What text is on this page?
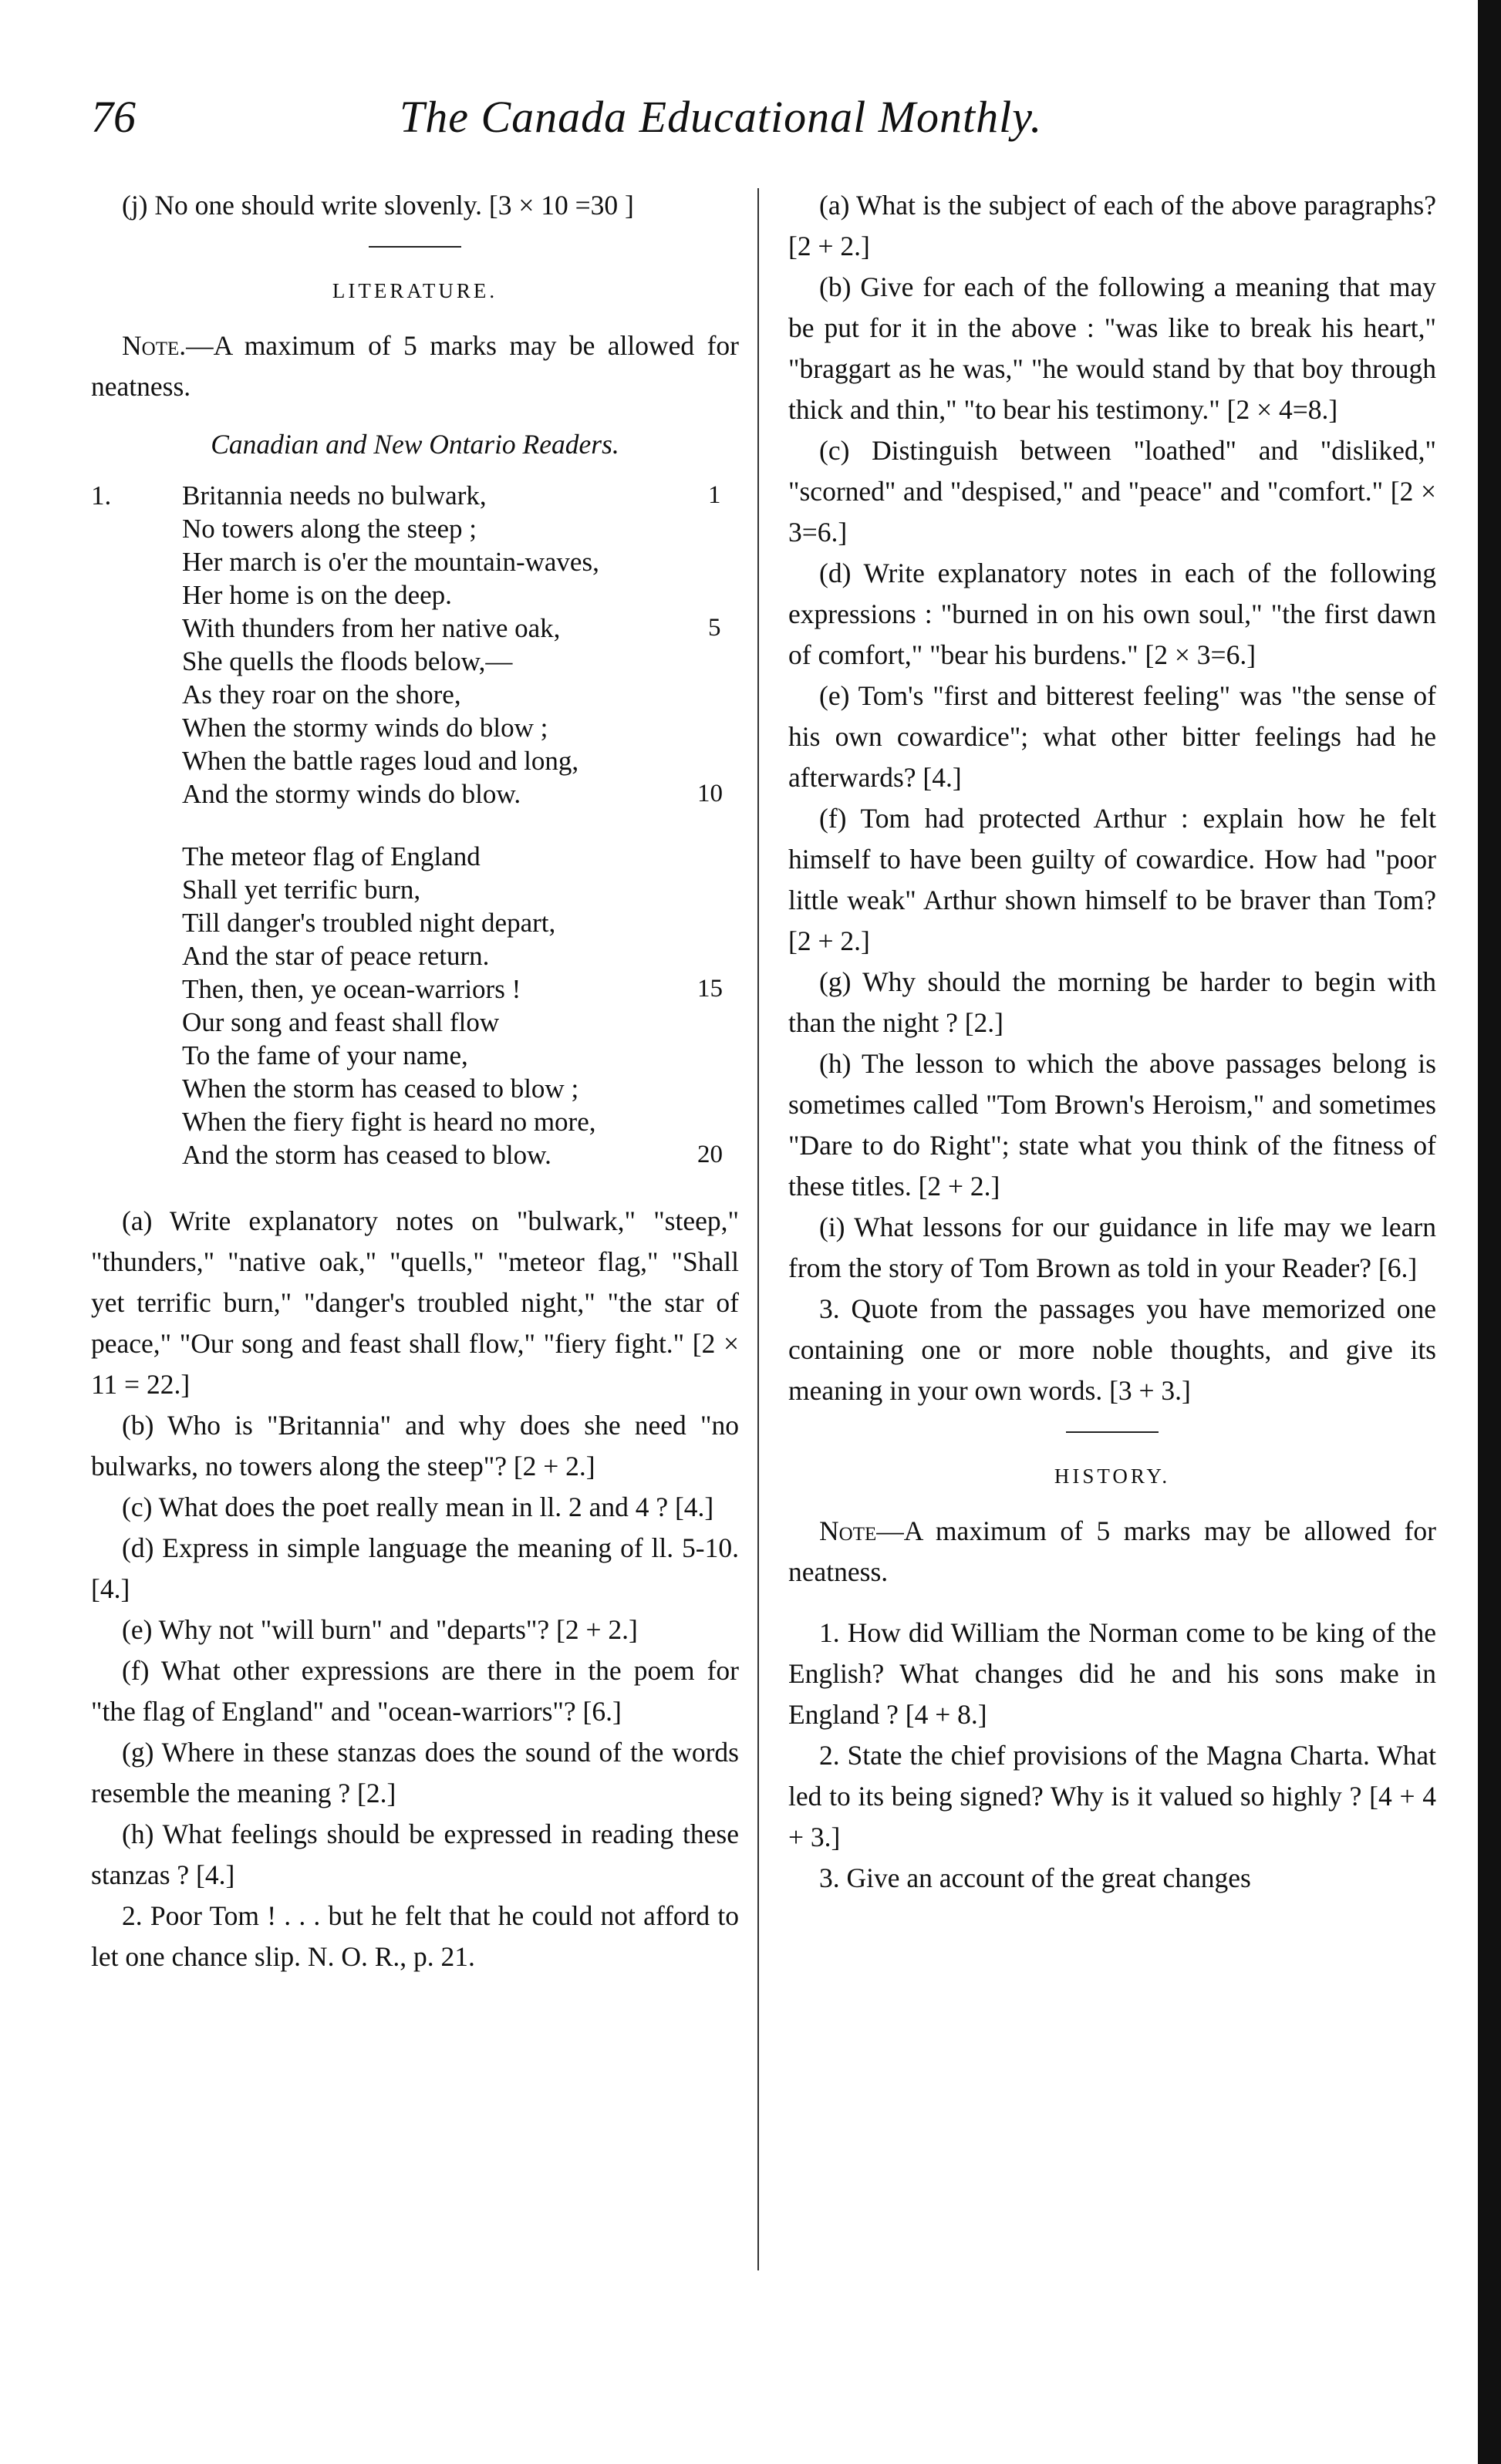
76	The Canada Educational Monthly.

(j) No one should write slovenly. [3 × 10 =30 ]

LITERATURE.

Note.—A maximum of 5 marks may be allowed for neatness.

Canadian and New Ontario Readers.

1.	Britannia needs no bulwark,	1
No towers along the steep ;
Her march is o'er the mountain-waves,
Her home is on the deep.
With thunders from her native oak,	5
She quells the floods below,—
As they roar on the shore,
When the stormy winds do blow ;
When the battle rages loud and long,
And the stormy winds do blow.	10
The meteor flag of England
Shall yet terrific burn,
Till danger's troubled night depart,
And the star of peace return.
Then, then, ye ocean-warriors !	15
Our song and feast shall flow
To the fame of your name,
When the storm has ceased to blow ;
When the fiery fight is heard no more,
And the storm has ceased to blow.	20

(a) Write explanatory notes on "bulwark," "steep," "thunders," "native oak," "quells," "meteor flag," "Shall yet terrific burn," "danger's troubled night," "the star of peace," "Our song and feast shall flow," "fiery fight." [2 × 11 = 22.]

(b) Who is "Britannia" and why does she need "no bulwarks, no towers along the steep"? [2 + 2.]

(c) What does the poet really mean in ll. 2 and 4 ? [4.]

(d) Express in simple language the meaning of ll. 5-10. [4.]

(e) Why not "will burn" and "departs"? [2 + 2.]

(f) What other expressions are there in the poem for "the flag of England" and "ocean-warriors"? [6.]

(g) Where in these stanzas does the sound of the words resemble the meaning ? [2.]

(h) What feelings should be expressed in reading these stanzas ? [4.]

2. Poor Tom ! . . . but he felt that he could not afford to let one chance slip. N. O. R., p. 21.

(a) What is the subject of each of the above paragraphs? [2 + 2.]

(b) Give for each of the following a meaning that may be put for it in the above : "was like to break his heart," "braggart as he was," "he would stand by that boy through thick and thin," "to bear his testimony." [2 × 4=8.]

(c) Distinguish between "loathed" and "disliked," "scorned" and "despised," and "peace" and "comfort." [2 × 3=6.]

(d) Write explanatory notes in each of the following expressions : "burned in on his own soul," "the first dawn of comfort," "bear his burdens." [2 × 3=6.]

(e) Tom's "first and bitterest feeling" was "the sense of his own cowardice"; what other bitter feelings had he afterwards? [4.]

(f) Tom had protected Arthur : explain how he felt himself to have been guilty of cowardice. How had "poor little weak" Arthur shown himself to be braver than Tom? [2 + 2.]

(g) Why should the morning be harder to begin with than the night ? [2.]

(h) The lesson to which the above passages belong is sometimes called "Tom Brown's Heroism," and sometimes "Dare to do Right"; state what you think of the fitness of these titles. [2 + 2.]

(i) What lessons for our guidance in life may we learn from the story of Tom Brown as told in your Reader? [6.]

3. Quote from the passages you have memorized one containing one or more noble thoughts, and give its meaning in your own words. [3 + 3.]

HISTORY.

Note—A maximum of 5 marks may be allowed for neatness.

1. How did William the Norman come to be king of the English? What changes did he and his sons make in England ? [4 + 8.]

2. State the chief provisions of the Magna Charta. What led to its being signed? Why is it valued so highly ? [4 + 4 + 3.]

3. Give an account of the great changes
